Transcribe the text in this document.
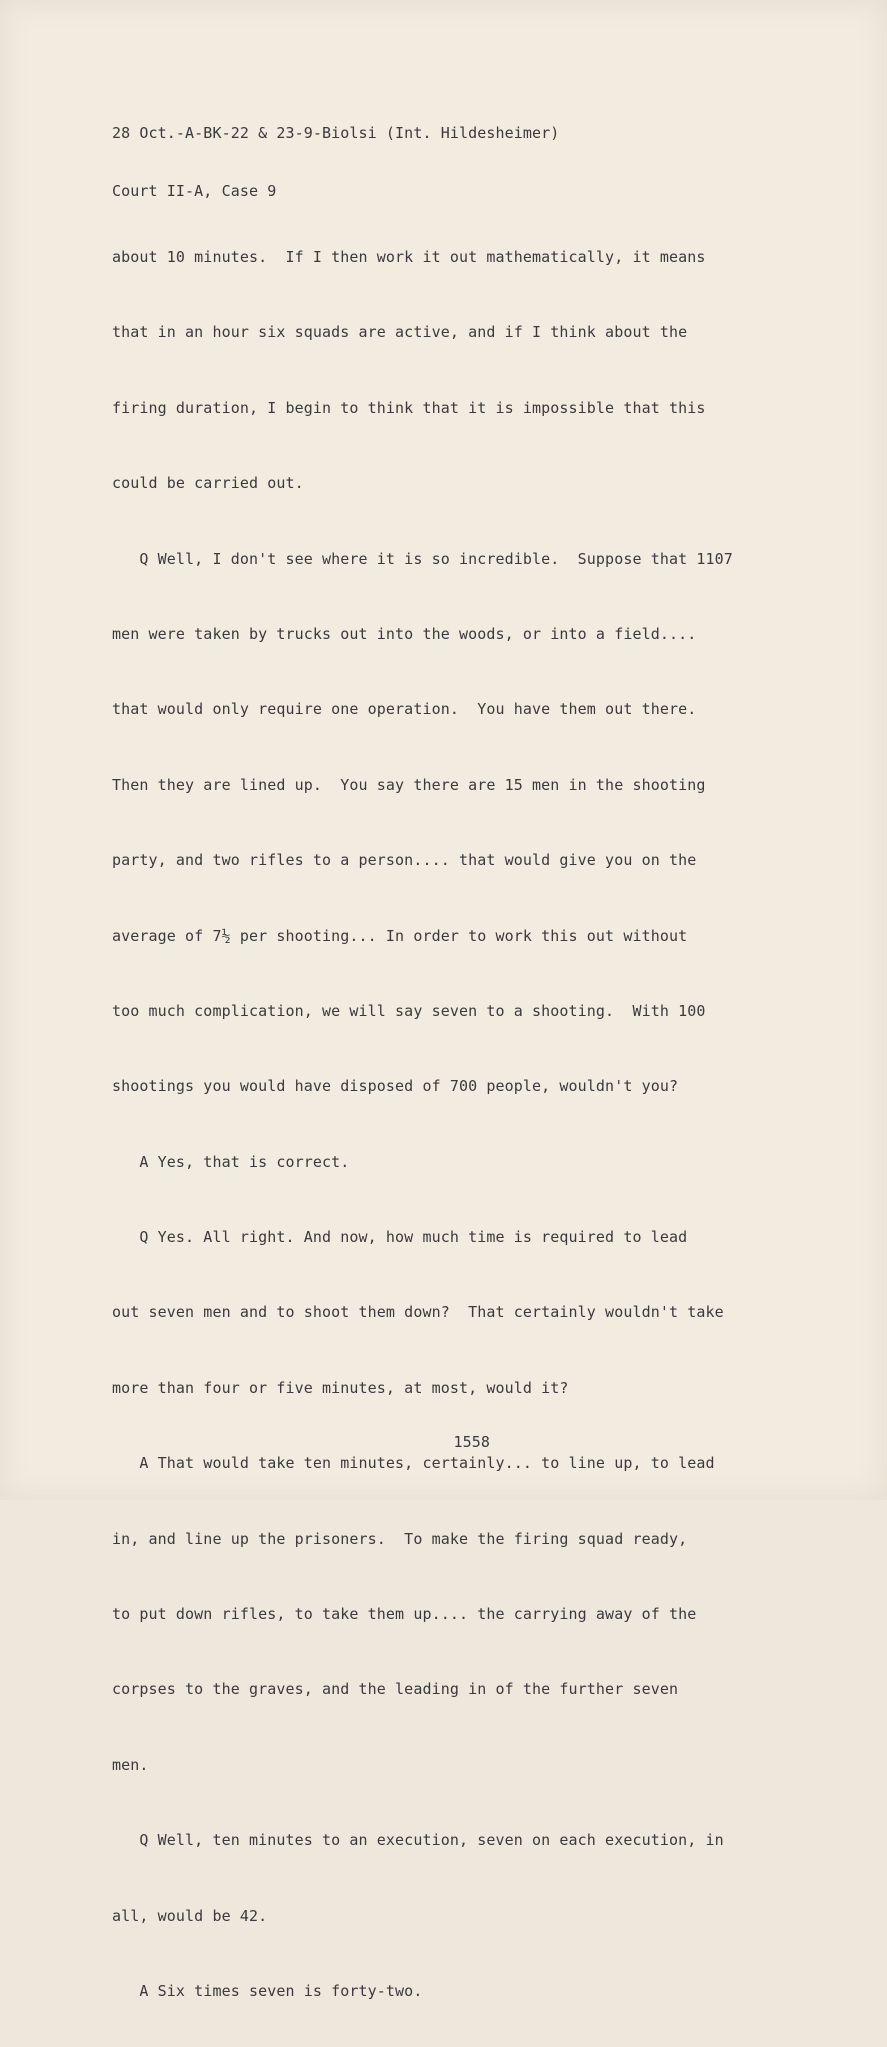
28 Oct.-A-BK-22 & 23-9-Biolsi (Int. Hildesheimer)

Court II-A, Case 9

about 10 minutes.  If I then work it out mathematically, it means

that in an hour six squads are active, and if I think about the

firing duration, I begin to think that it is impossible that this

could be carried out.

Q Well, I don't see where it is so incredible.  Suppose that 1107

men were taken by trucks out into the woods, or into a field....

that would only require one operation.  You have them out there.

Then they are lined up.  You say there are 15 men in the shooting

party, and two rifles to a person.... that would give you on the

average of 7½ per shooting... In order to work this out without

too much complication, we will say seven to a shooting.  With 100

shootings you would have disposed of 700 people, wouldn't you?

A Yes, that is correct.

Q Yes. All right. And now, how much time is required to lead

out seven men and to shoot them down?  That certainly wouldn't take

more than four or five minutes, at most, would it?

A That would take ten minutes, certainly... to line up, to lead

in, and line up the prisoners.  To make the firing squad ready,

to put down rifles, to take them up.... the carrying away of the

corpses to the graves, and the leading in of the further seven

men.

Q Well, ten minutes to an execution, seven on each execution, in

all, would be 42.

A Six times seven is forty-two.

1558
